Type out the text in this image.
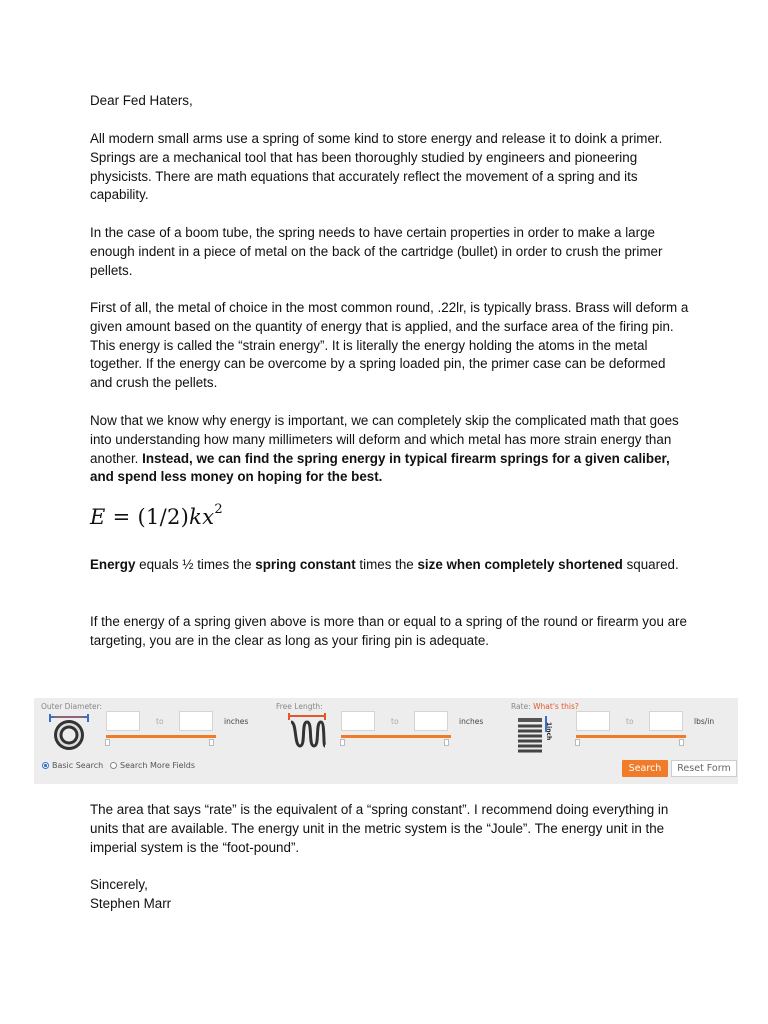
Dear Fed Haters,

All modern small arms use a spring of some kind to store energy and release it to doink a primer. Springs are a mechanical tool that has been thoroughly studied by engineers and pioneering physicists. There are math equations that accurately reflect the movement of a spring and its capability.

In the case of a boom tube, the spring needs to have certain properties in order to make a large enough indent in a piece of metal on the back of the cartridge (bullet) in order to crush the primer pellets.

First of all, the metal of choice in the most common round, .22lr, is typically brass. Brass will deform a given amount based on the quantity of energy that is applied, and the surface area of the firing pin. This energy is called the “strain energy”. It is literally the energy holding the atoms in the metal together. If the energy can be overcome by a spring loaded pin, the primer case can be deformed and crush the pellets.

Now that we know why energy is important, we can completely skip the complicated math that goes into understanding how many millimeters will deform and which metal has more strain energy than another. Instead, we can find the spring energy in typical firearm springs for a given caliber, and spend less money on hoping for the best.

$E = (1/2)kx^2$

Energy equals ½ times the spring constant times the size when completely shortened squared.

If the energy of a spring given above is more than or equal to a spring of the round or firearm you are targeting, you are in the clear as long as your firing pin is adequate.

Outer Diameter:
to	inches
Free Length:
to	inches
Rate: What's this?
1inch
to	lbs/in
Basic Search	Search More Fields	Search	Reset Form

The area that says “rate” is the equivalent of a “spring constant”. I recommend doing everything in units that are available. The energy unit in the metric system is the “Joule”. The energy unit in the imperial system is the “foot-pound”.

Sincerely,

Stephen Marr
